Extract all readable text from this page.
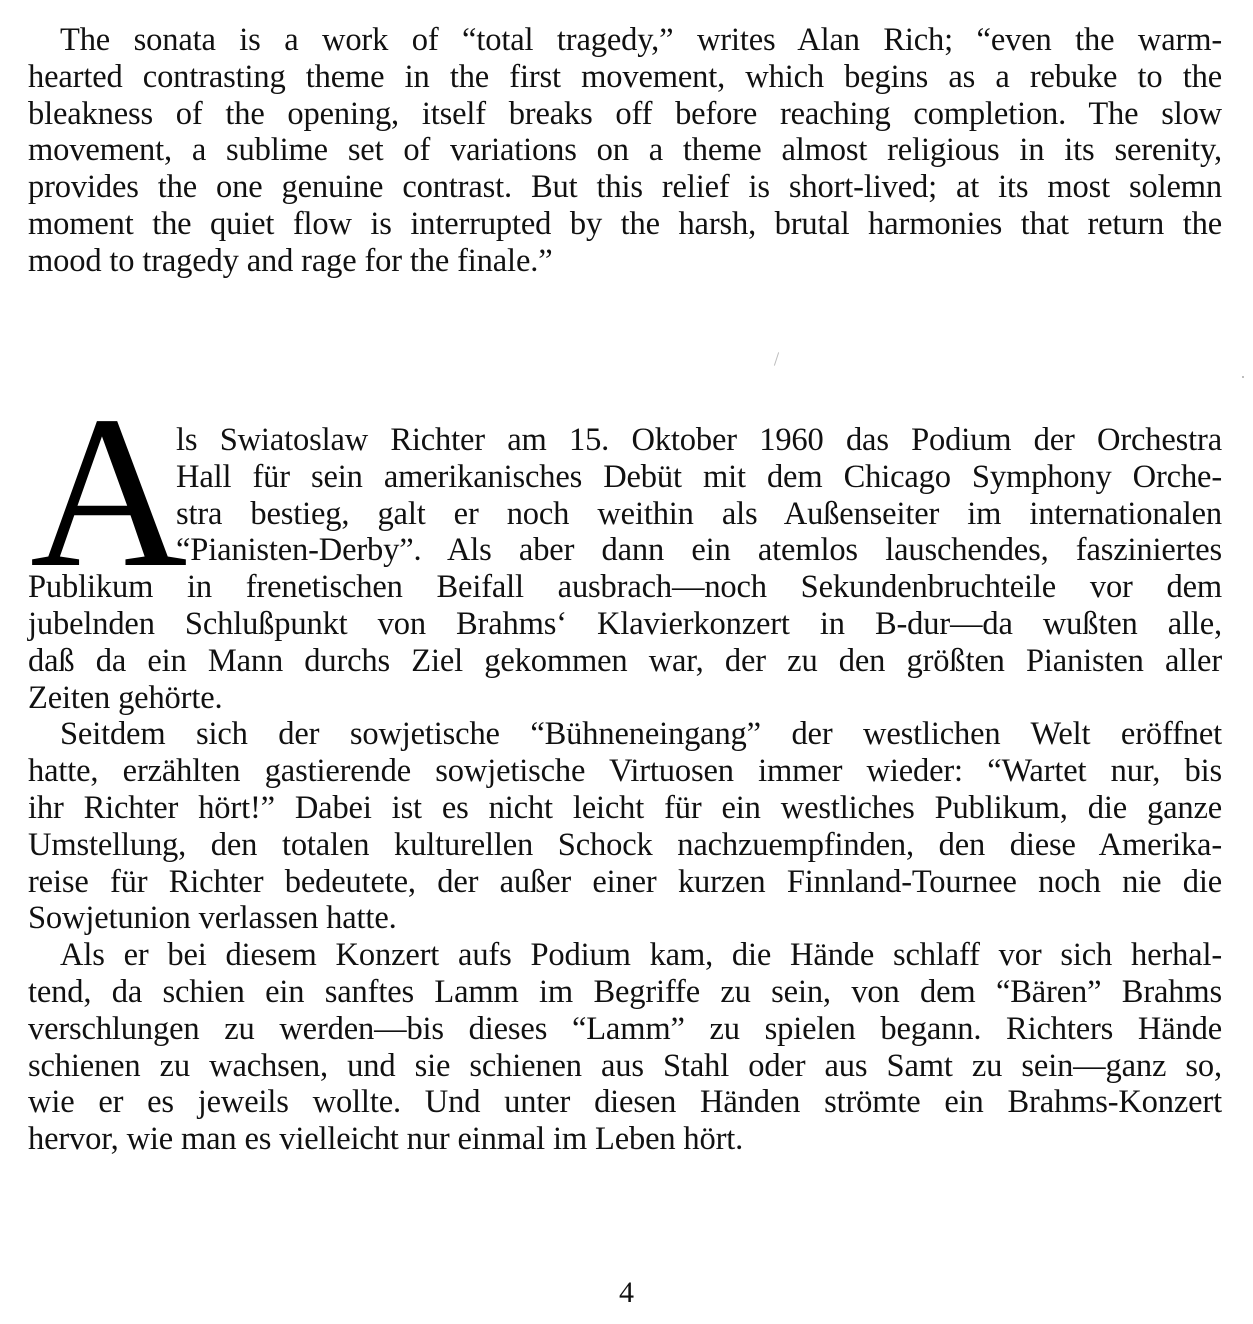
The sonata is a work of “total tragedy,” writes Alan Rich; “even the warm-
hearted contrasting theme in the first movement, which begins as a rebuke to the
bleakness of the opening, itself breaks off before reaching completion. The slow
movement, a sublime set of variations on a theme almost religious in its serenity,
provides the one genuine contrast. But this relief is short-lived; at its most solemn
moment the quiet flow is interrupted by the harsh, brutal harmonies that return the
mood to tragedy and rage for the finale.”
A
ls Swiatoslaw Richter am 15. Oktober 1960 das Podium der Orchestra
Hall für sein amerikanisches Debüt mit dem Chicago Symphony Orche-
stra bestieg, galt er noch weithin als Außenseiter im internationalen
“Pianisten-Derby”. Als aber dann ein atemlos lauschendes, fasziniertes
Publikum in frenetischen Beifall ausbrach—noch Sekundenbruchteile vor dem
jubelnden Schlußpunkt von Brahms‘ Klavierkonzert in B-dur—da wußten alle,
daß da ein Mann durchs Ziel gekommen war, der zu den größten Pianisten aller
Zeiten gehörte.
Seitdem sich der sowjetische “Bühneneingang” der westlichen Welt eröffnet
hatte, erzählten gastierende sowjetische Virtuosen immer wieder: “Wartet nur, bis
ihr Richter hört!” Dabei ist es nicht leicht für ein westliches Publikum, die ganze
Umstellung, den totalen kulturellen Schock nachzuempfinden, den diese Amerika-
reise für Richter bedeutete, der außer einer kurzen Finnland-Tournee noch nie die
Sowjetunion verlassen hatte.
Als er bei diesem Konzert aufs Podium kam, die Hände schlaff vor sich herhal-
tend, da schien ein sanftes Lamm im Begriffe zu sein, von dem “Bären” Brahms
verschlungen zu werden—bis dieses “Lamm” zu spielen begann. Richters Hände
schienen zu wachsen, und sie schienen aus Stahl oder aus Samt zu sein—ganz so,
wie er es jeweils wollte. Und unter diesen Händen strömte ein Brahms-Konzert
hervor, wie man es vielleicht nur einmal im Leben hört.
4
